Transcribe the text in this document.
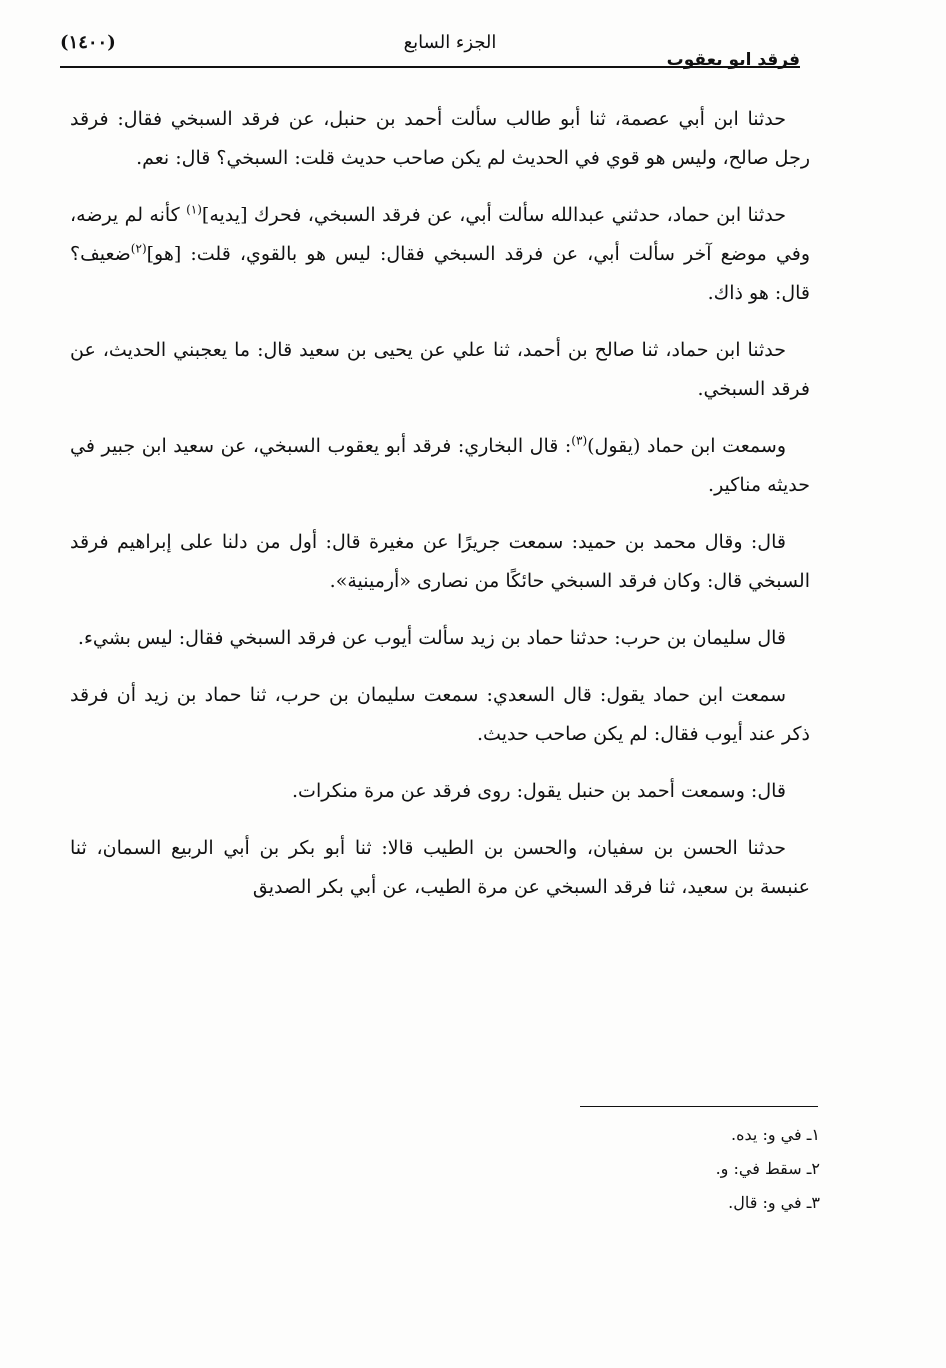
فرقد ابو يعقوب
الجزء السابع
(١٤٠٠)

حدثنا ابن أبي عصمة، ثنا أبو طالب سألت أحمد بن حنبل، عن فرقد السبخي فقال: فرقد رجل صالح، وليس هو قوي في الحديث لم يكن صاحب حديث قلت: السبخي؟ قال: نعم.

حدثنا ابن حماد، حدثني عبدالله سألت أبي، عن فرقد السبخي، فحرك [يديه]$^{(١)}$ كأنه لم يرضه، وفي موضع آخر سألت أبي، عن فرقد السبخي فقال: ليس هو بالقوي، قلت: [هو]$^{(٢)}$ضعيف؟ قال: هو ذاك.

حدثنا ابن حماد، ثنا صالح بن أحمد، ثنا علي عن يحيى بن سعيد قال: ما يعجبني الحديث، عن فرقد السبخي.

وسمعت ابن حماد (يقول)$^{(٣)}$: قال البخاري: فرقد أبو يعقوب السبخي، عن سعيد ابن جبير في حديثه مناكير.

قال: وقال محمد بن حميد: سمعت جريرًا عن مغيرة قال: أول من دلنا على إبراهيم فرقد السبخي قال: وكان فرقد السبخي حائكًا من نصارى «أرمينية».

قال سليمان بن حرب: حدثنا حماد بن زيد سألت أيوب عن فرقد السبخي فقال: ليس بشيء.

سمعت ابن حماد يقول: قال السعدي: سمعت سليمان بن حرب، ثنا حماد بن زيد أن فرقد ذكر عند أيوب فقال: لم يكن صاحب حديث.

قال: وسمعت أحمد بن حنبل يقول: روى فرقد عن مرة منكرات.

حدثنا الحسن بن سفيان، والحسن بن الطيب قالا: ثنا أبو بكر بن أبي الربيع السمان، ثنا عنبسة بن سعيد، ثنا فرقد السبخي عن مرة الطيب، عن أبي بكر الصديق

١ـ في و: يده.

٢ـ سقط في: و.

٣ـ في و: قال.
